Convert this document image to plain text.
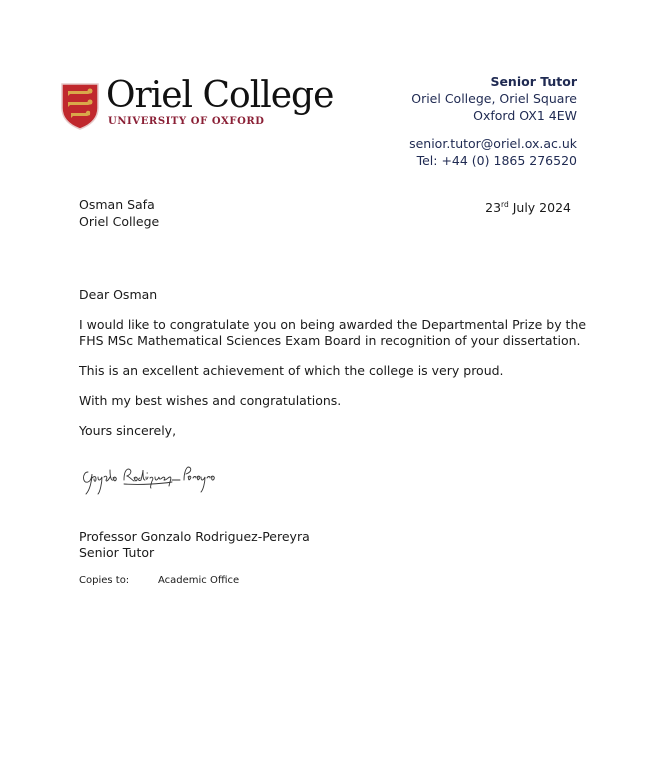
Oriel College
UNIVERSITY OF OXFORD
Senior Tutor
Oriel College, Oriel Square
Oxford OX1 4EW
senior.tutor@oriel.ox.ac.uk
Tel: +44 (0) 1865 276520
Osman Safa
Oriel College
23rd July 2024

Dear Osman

I would like to congratulate you on being awarded the Departmental Prize by the FHS MSc Mathematical Sciences Exam Board in recognition of your dissertation.

This is an excellent achievement of which the college is very proud.

With my best wishes and congratulations.

Yours sincerely,

Professor Gonzalo Rodriguez-Pereyra
Senior Tutor
Copies to:	Academic Office
